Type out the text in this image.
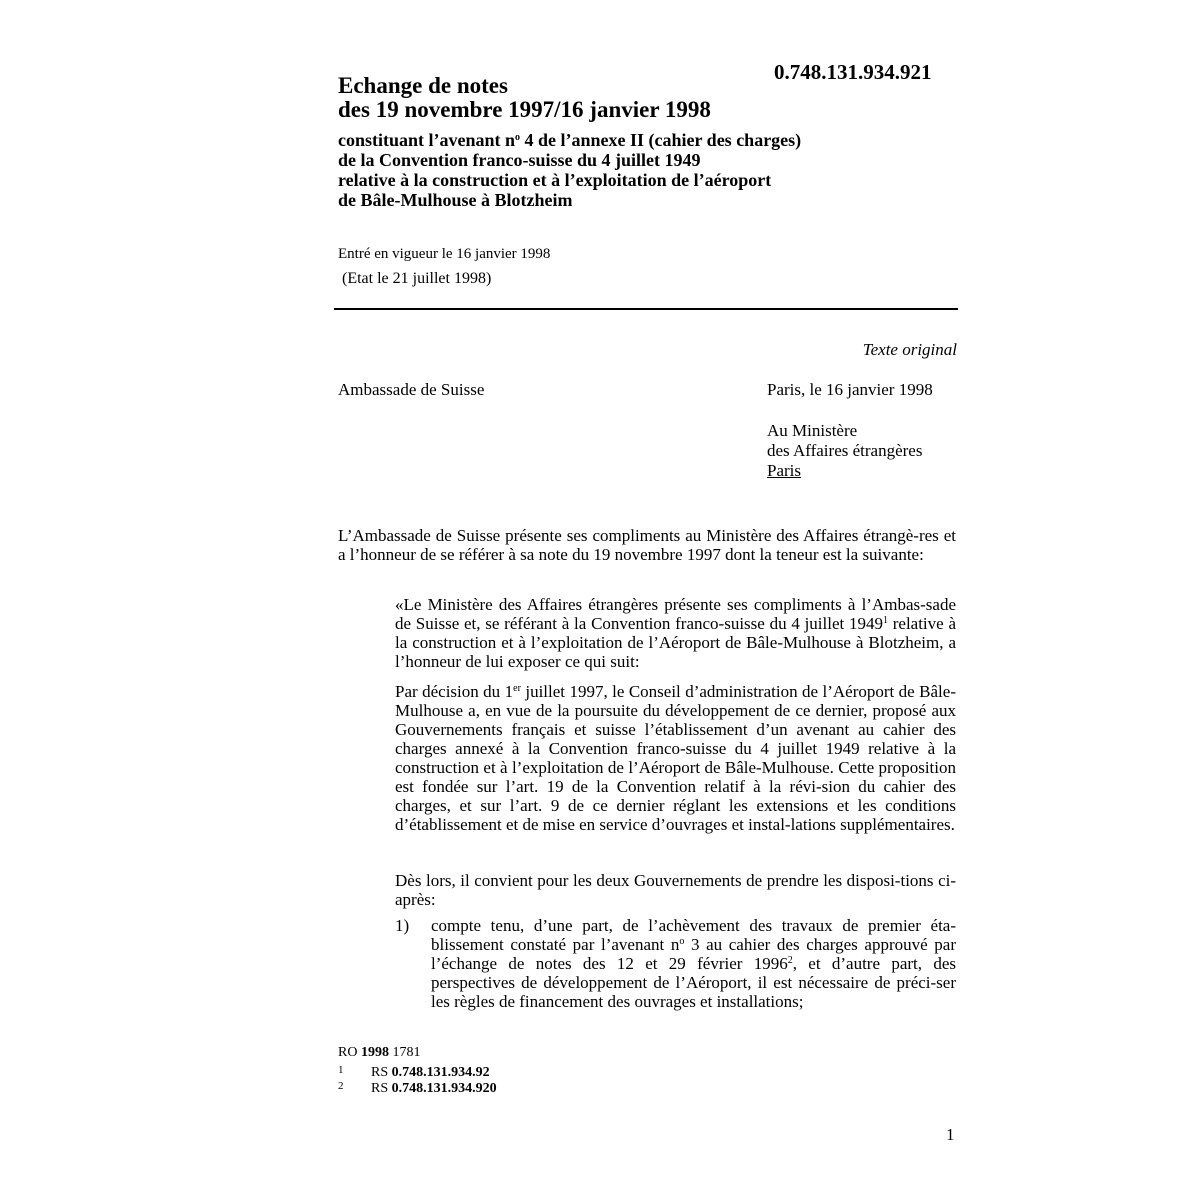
0.748.131.934.921
Echange de notes
des 19 novembre 1997/16 janvier 1998
constituant l’avenant $n^o$ 4 de l’annexe II (cahier des charges)
de la Convention franco-suisse du 4 juillet 1949
relative à la construction et à l’exploitation de l’aéroport
de Bâle-Mulhouse à Blotzheim
Entré en vigueur le 16 janvier 1998
(Etat le 21 juillet 1998)
Texte original
Ambassade de Suisse	Paris, le 16 janvier 1998
Au Ministère
des Affaires étrangères
Paris
L’Ambassade de Suisse présente ses compliments au Ministère des Affaires étrangè-res et a l’honneur de se référer à sa note du 19 novembre 1997 dont la teneur est la suivante:
«Le Ministère des Affaires étrangères présente ses compliments à l’Ambas-sade de Suisse et, se référant à la Convention franco-suisse du 4 juillet 1949$^1$ relative à la construction et à l’exploitation de l’Aéroport de Bâle-Mulhouse à Blotzheim, a l’honneur de lui exposer ce qui suit:
Par décision du 1er juillet 1997, le Conseil d’administration de l’Aéroport de Bâle-Mulhouse a, en vue de la poursuite du développement de ce dernier, proposé aux Gouvernements français et suisse l’établissement d’un avenant au cahier des charges annexé à la Convention franco-suisse du 4 juillet 1949 relative à la construction et à l’exploitation de l’Aéroport de Bâle-Mulhouse. Cette proposition est fondée sur l’art. 19 de la Convention relatif à la révi-sion du cahier des charges, et sur l’art. 9 de ce dernier réglant les extensions et les conditions d’établissement et de mise en service d’ouvrages et instal-lations supplémentaires.
Dès lors, il convient pour les deux Gouvernements de prendre les disposi-tions ci-après:
1) compte tenu, d’une part, de l’achèvement des travaux de premier éta-blissement constaté par l’avenant $n^o$ 3 au cahier des charges approuvé par l’échange de notes des 12 et 29 février 1996$^2$, et d’autre part, des perspectives de développement de l’Aéroport, il est nécessaire de préci-ser les règles de financement des ouvrages et installations;
RO 1998 1781
1 RS 0.748.131.934.92
2 RS 0.748.131.934.920
1
